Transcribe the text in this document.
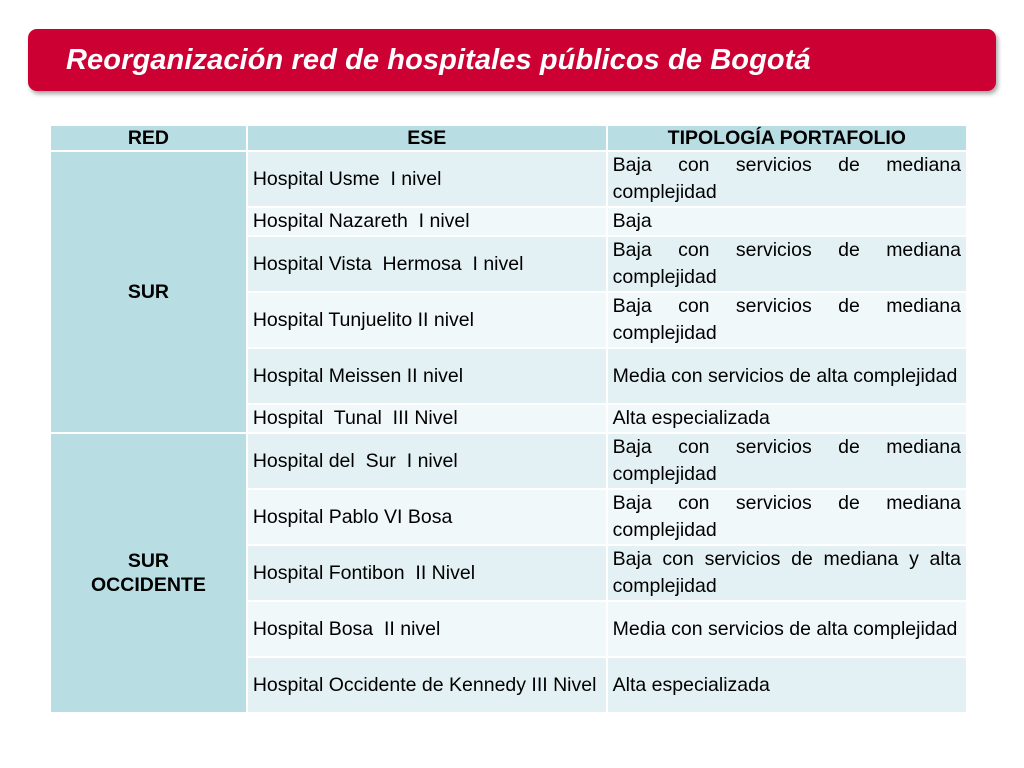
Reorganización red de hospitales públicos de Bogotá
RED	ESE	TIPOLOGÍA PORTAFOLIO
SUR	Hospital Usme  I nivel	Baja con servicios de mediana complejidad
	Hospital Nazareth  I nivel	Baja
	Hospital Vista  Hermosa  I nivel	Baja con servicios de mediana complejidad
	Hospital Tunjuelito II nivel	Baja con servicios de mediana complejidad
	Hospital Meissen II nivel	Media con servicios de alta complejidad
	Hospital  Tunal  III Nivel	Alta especializada
SUR OCCIDENTE	Hospital del  Sur  I nivel	Baja con servicios de mediana complejidad
	Hospital Pablo VI Bosa	Baja con servicios de mediana complejidad
	Hospital Fontibon  II Nivel	Baja con servicios de mediana y alta complejidad
	Hospital Bosa  II nivel	Media con servicios de alta complejidad
	Hospital Occidente de Kennedy III Nivel	Alta especializada
